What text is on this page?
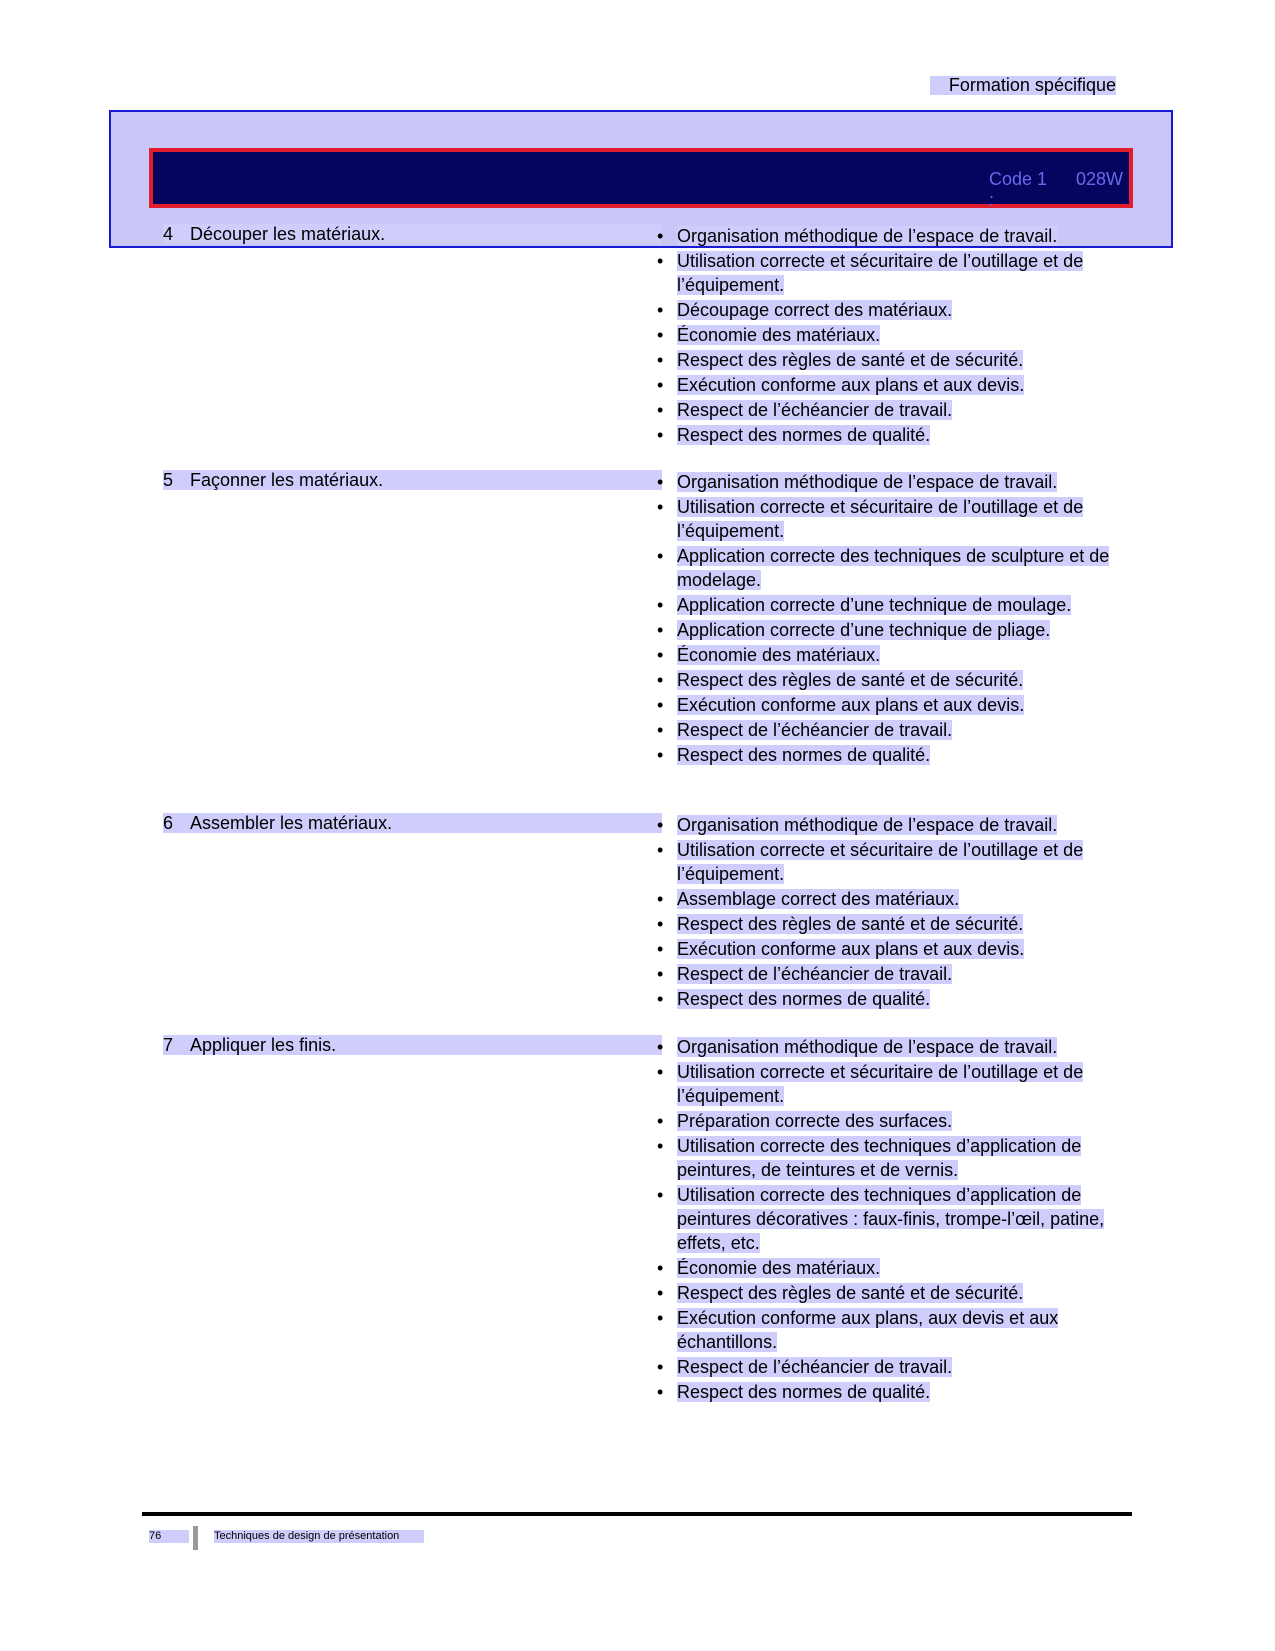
Formation spécifique
Code :
1	028W
4 Découper les matériaux.	• Organisation méthodique de l’espace de travail.
• Utilisation correcte et sécuritaire de l’outillage et de l’équipement.
• Découpage correct des matériaux.
• Économie des matériaux.
• Respect des règles de santé et de sécurité.
• Exécution conforme aux plans et aux devis.
• Respect de l’échéancier de travail.
• Respect des normes de qualité.
5 Façonner les matériaux.	• Organisation méthodique de l’espace de travail.
• Utilisation correcte et sécuritaire de l’outillage et de l’équipement.
• Application correcte des techniques de sculpture et de modelage.
• Application correcte d’une technique de moulage.
• Application correcte d’une technique de pliage.
• Économie des matériaux.
• Respect des règles de santé et de sécurité.
• Exécution conforme aux plans et aux devis.
• Respect de l’échéancier de travail.
• Respect des normes de qualité.
6 Assembler les matériaux.	• Organisation méthodique de l’espace de travail.
• Utilisation correcte et sécuritaire de l’outillage et de l’équipement.
• Assemblage correct des matériaux.
• Respect des règles de santé et de sécurité.
• Exécution conforme aux plans et aux devis.
• Respect de l’échéancier de travail.
• Respect des normes de qualité.
7 Appliquer les finis.	• Organisation méthodique de l’espace de travail.
• Utilisation correcte et sécuritaire de l’outillage et de l’équipement.
• Préparation correcte des surfaces.
• Utilisation correcte des techniques d’application de peintures, de teintures et de vernis.
• Utilisation correcte des techniques d’application de peintures décoratives : faux-finis, trompe-l’œil, patine, effets, etc.
• Économie des matériaux.
• Respect des règles de santé et de sécurité.
• Exécution conforme aux plans, aux devis et aux échantillons.
• Respect de l’échéancier de travail.
• Respect des normes de qualité.
76	Techniques de design de présentation
